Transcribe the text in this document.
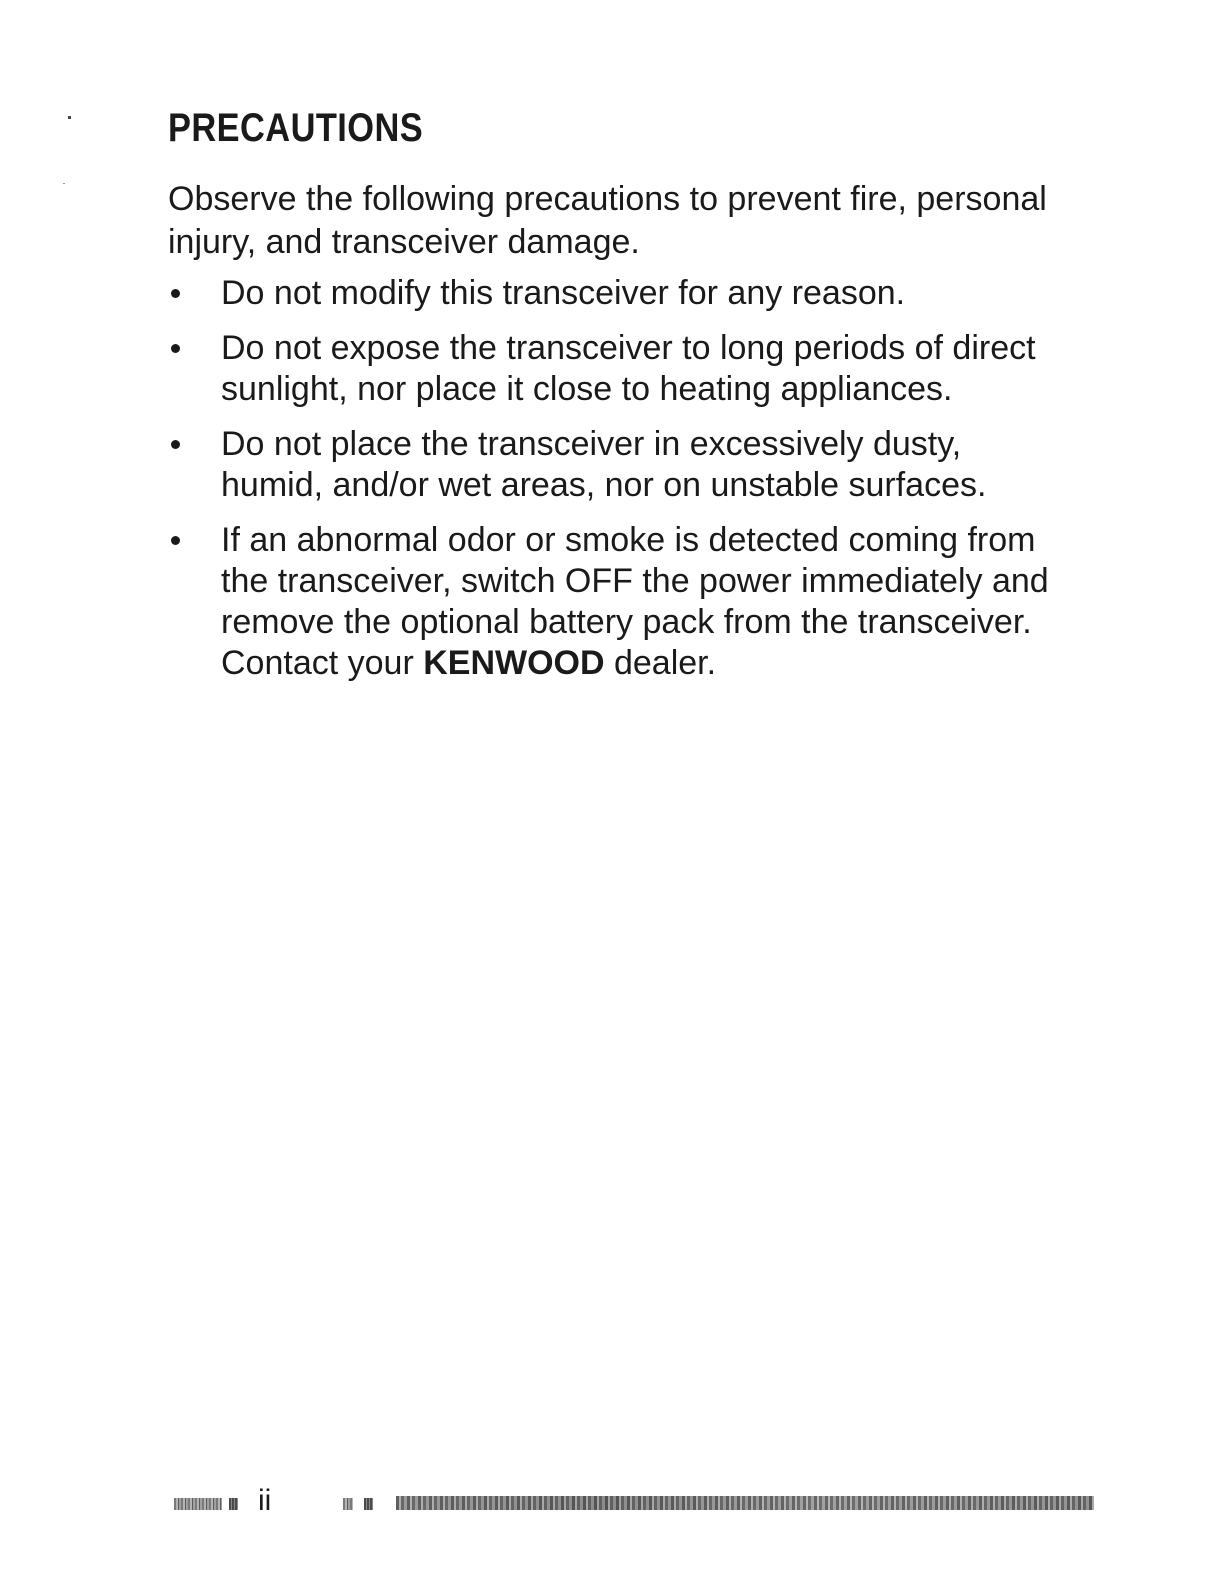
PRECAUTIONS

Observe the following precautions to prevent fire, personal injury, and transceiver damage.

Do not modify this transceiver for any reason.
Do not expose the transceiver to long periods of direct sunlight, nor place it close to heating appliances.
Do not place the transceiver in excessively dusty, humid, and/or wet areas, nor on unstable surfaces.
If an abnormal odor or smoke is detected coming from the transceiver, switch OFF the power immediately and remove the optional battery pack from the transceiver. Contact your KENWOOD dealer.
ii
